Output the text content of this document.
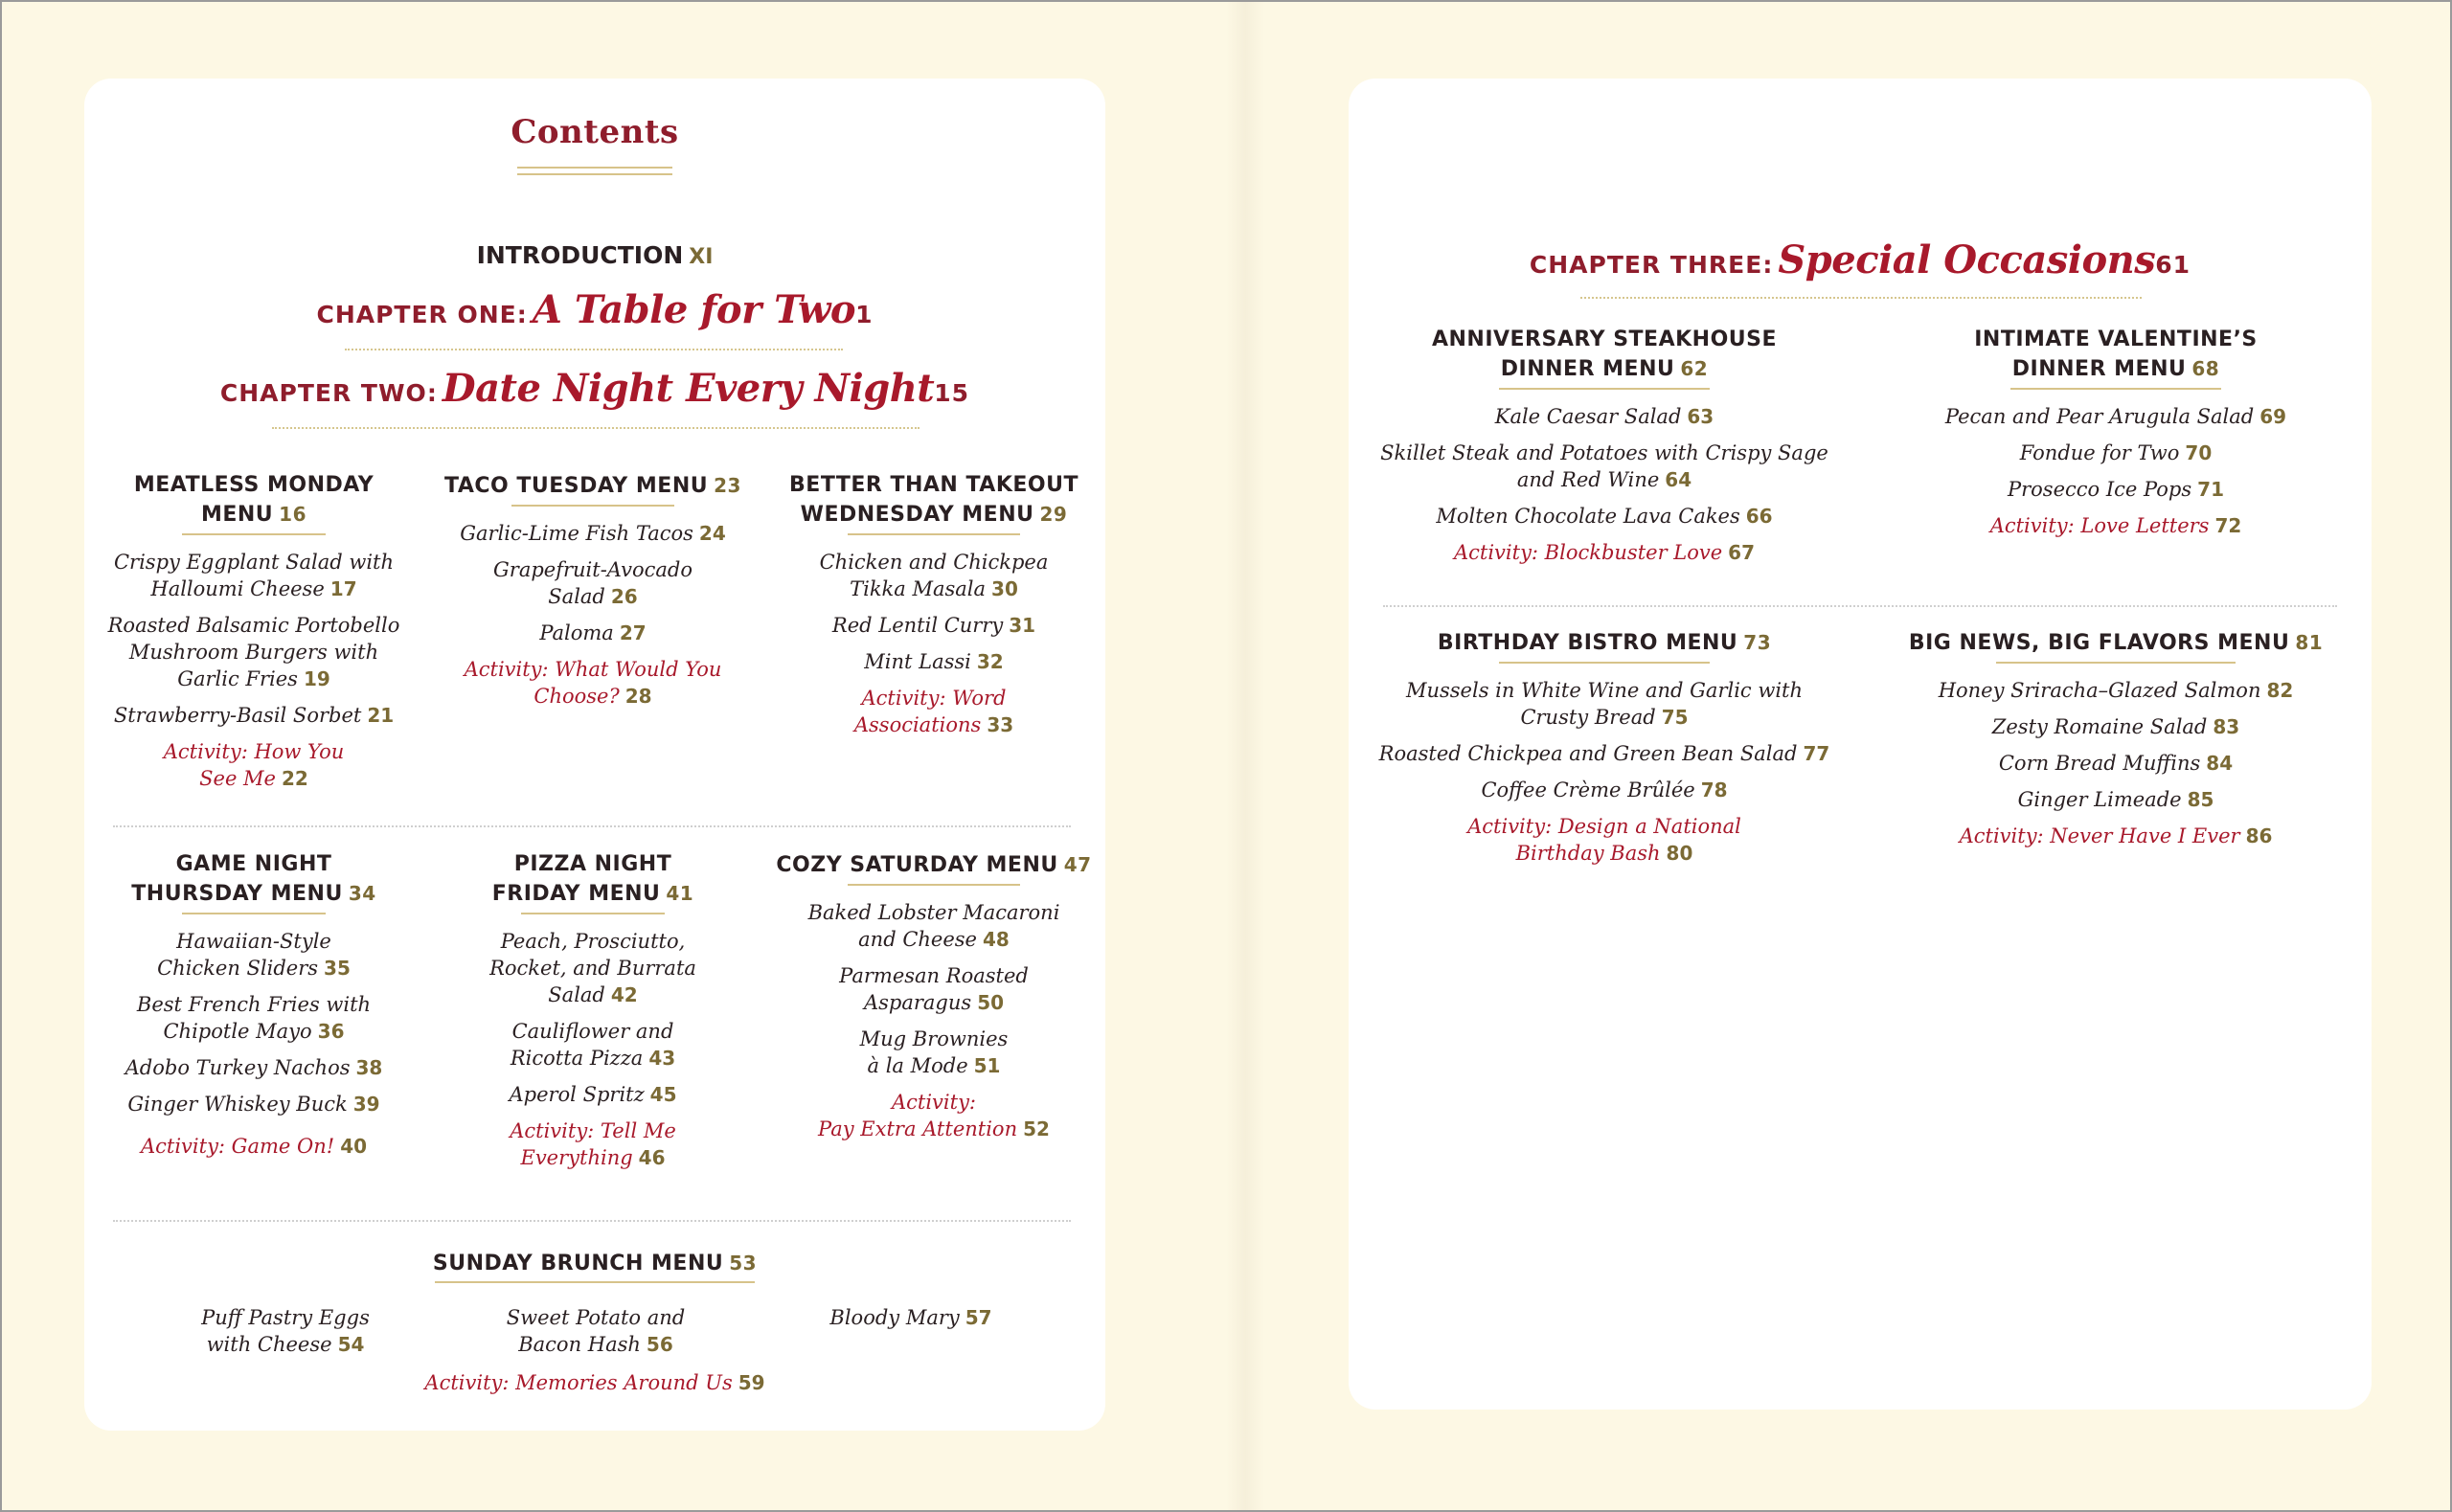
Contents
INTRODUCTION XI
CHAPTER ONE: A Table for Two1
CHAPTER TWO: Date Night Every Night15
MEATLESS MONDAY
MENU 16
Crispy Eggplant Salad with
Halloumi Cheese 17
Roasted Balsamic Portobello
Mushroom Burgers with
Garlic Fries 19
Strawberry-Basil Sorbet 21
Activity: How You
See Me 22
TACO TUESDAY MENU 23
Garlic-Lime Fish Tacos 24
Grapefruit-Avocado
Salad 26
Paloma 27
Activity: What Would You
Choose? 28
BETTER THAN TAKEOUT
WEDNESDAY MENU 29
Chicken and Chickpea
Tikka Masala 30
Red Lentil Curry 31
Mint Lassi 32
Activity: Word
Associations 33
GAME NIGHT
THURSDAY MENU 34
Hawaiian-Style
Chicken Sliders 35
Best French Fries with
Chipotle Mayo 36
Adobo Turkey Nachos 38
Ginger Whiskey Buck 39
Activity: Game On! 40
PIZZA NIGHT
FRIDAY MENU 41
Peach, Prosciutto,
Rocket, and Burrata
Salad 42
Cauliflower and
Ricotta Pizza 43
Aperol Spritz 45
Activity: Tell Me
Everything 46
COZY SATURDAY MENU 47
Baked Lobster Macaroni
and Cheese 48
Parmesan Roasted
Asparagus 50
Mug Brownies
à la Mode 51
Activity:
Pay Extra Attention 52
SUNDAY BRUNCH MENU 53
Puff Pastry Eggs
with Cheese 54
Sweet Potato and
Bacon Hash 56
Bloody Mary 57
Activity: Memories Around Us 59
CHAPTER THREE: Special Occasions61
ANNIVERSARY STEAKHOUSE
DINNER MENU 62
Kale Caesar Salad 63
Skillet Steak and Potatoes with Crispy Sage
and Red Wine 64
Molten Chocolate Lava Cakes 66
Activity: Blockbuster Love 67
INTIMATE VALENTINE’S
DINNER MENU 68
Pecan and Pear Arugula Salad 69
Fondue for Two 70
Prosecco Ice Pops 71
Activity: Love Letters 72
BIRTHDAY BISTRO MENU 73
Mussels in White Wine and Garlic with
Crusty Bread 75
Roasted Chickpea and Green Bean Salad 77
Coffee Crème Brûlée 78
Activity: Design a National
Birthday Bash 80
BIG NEWS, BIG FLAVORS MENU 81
Honey Sriracha–Glazed Salmon 82
Zesty Romaine Salad 83
Corn Bread Muffins 84
Ginger Limeade 85
Activity: Never Have I Ever 86
